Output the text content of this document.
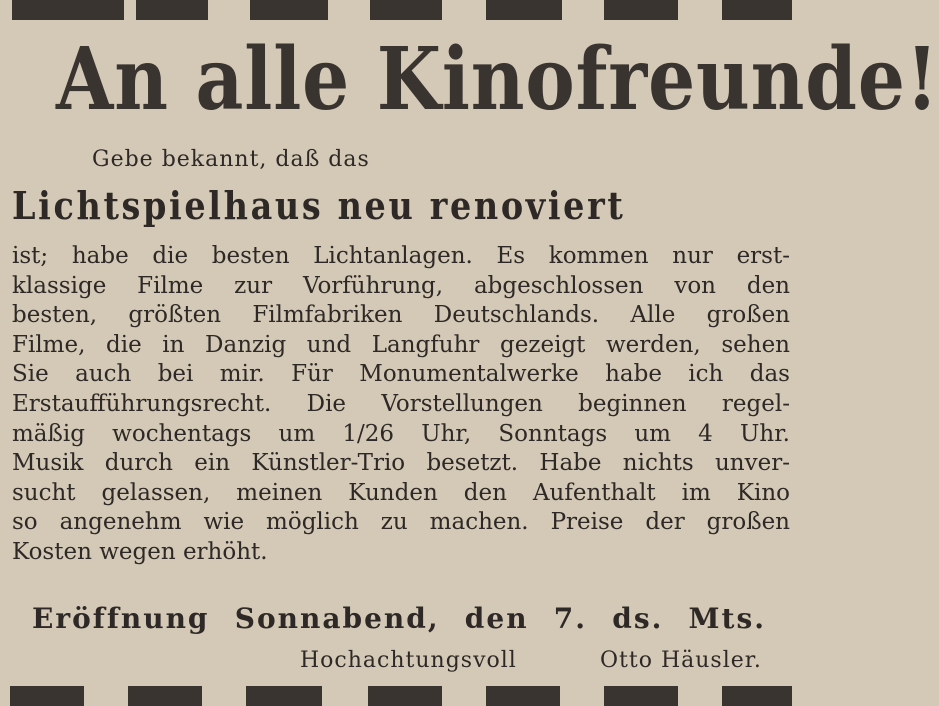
An alle Kinofreunde!
Gebe bekannt, daß das
Lichtspielhaus neu renoviert
ist; habe die besten Lichtanlagen. Es kommen nur erst-
klassige Filme zur Vorführung, abgeschlossen von den
besten, größten Filmfabriken Deutschlands. Alle großen
Filme, die in Danzig und Langfuhr gezeigt werden, sehen
Sie auch bei mir. Für Monumentalwerke habe ich das
Erstaufführungsrecht. Die Vorstellungen beginnen regel-
mäßig wochentags um 1/26 Uhr, Sonntags um 4 Uhr.
Musik durch ein Künstler-Trio besetzt. Habe nichts unver-
sucht gelassen, meinen Kunden den Aufenthalt im Kino
so angenehm wie möglich zu machen. Preise der großen
Kosten wegen erhöht.
Eröffnung Sonnabend, den 7. ds. Mts.
Hochachtungsvoll	Otto Häusler.
